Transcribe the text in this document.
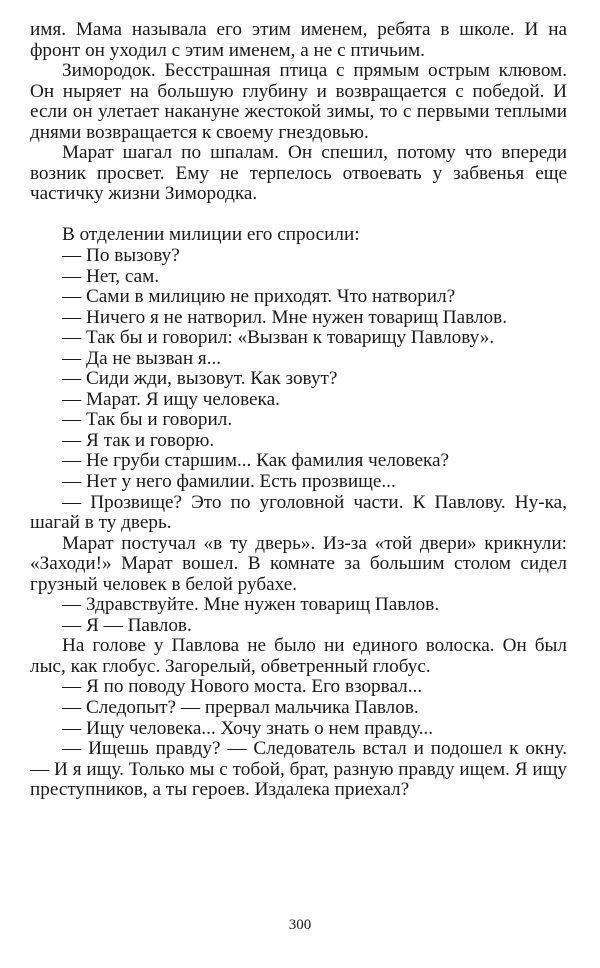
имя. Мама называла его этим именем, ребята в школе. И на фронт он уходил с этим именем, а не с птичьим.

Зимородок. Бесстрашная птица с прямым острым клювом. Он ныряет на большую глубину и возвращается с победой. И если он улетает накануне жестокой зимы, то с первыми теплыми днями возвращается к своему гнездовью.

Марат шагал по шпалам. Он спешил, потому что впереди возник просвет. Ему не терпелось отвоевать у забвенья еще частичку жизни Зимородка.

В отделении милиции его спросили:

— По вызову?

— Нет, сам.

— Сами в милицию не приходят. Что натворил?

— Ничего я не натворил. Мне нужен товарищ Павлов.

— Так бы и говорил: «Вызван к товарищу Павлову».

— Да не вызван я...

— Сиди жди, вызовут. Как зовут?

— Марат. Я ищу человека.

— Так бы и говорил.

— Я так и говорю.

— Не груби старшим... Как фамилия человека?

— Нет у него фамилии. Есть прозвище...

— Прозвище? Это по уголовной части. К Павлову. Ну-ка, шагай в ту дверь.

Марат постучал «в ту дверь». Из-за «той двери» крикнули: «Заходи!» Марат вошел. В комнате за большим столом сидел грузный человек в белой рубахе.

— Здравствуйте. Мне нужен товарищ Павлов.

— Я — Павлов.

На голове у Павлова не было ни единого волоска. Он был лыс, как глобус. Загорелый, обветренный глобус.

— Я по поводу Нового моста. Его взорвал...

— Следопыт? — прервал мальчика Павлов.

— Ищу человека... Хочу знать о нем правду...

— Ищешь правду? — Следователь встал и подошел к окну. — И я ищу. Только мы с тобой, брат, разную правду ищем. Я ищу преступников, а ты героев. Издалека приехал?

300
